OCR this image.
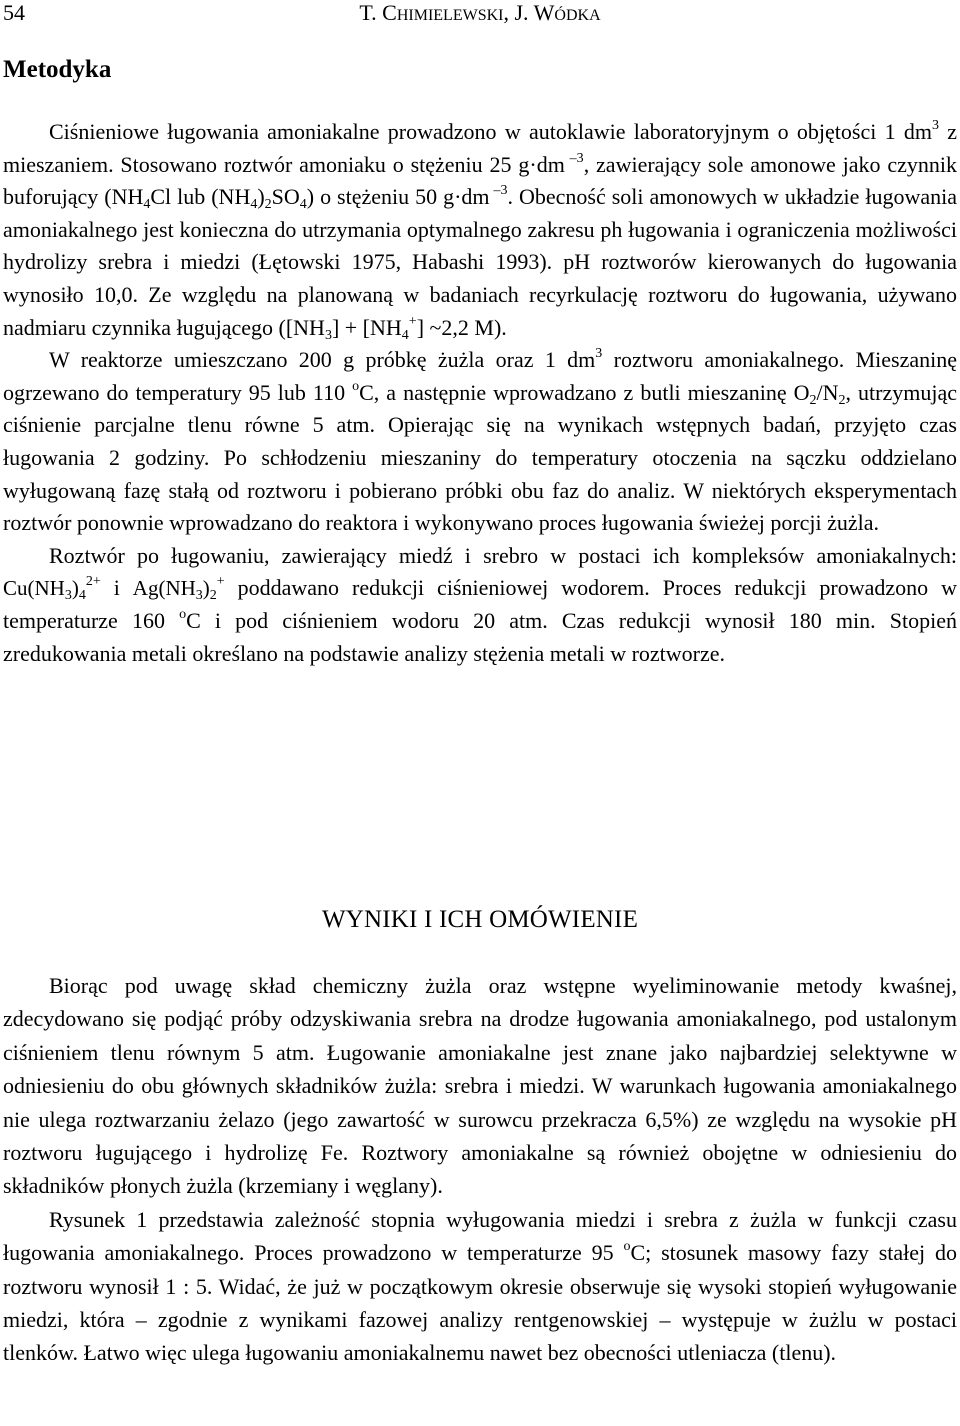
54	T. CHIMIELEWSKI, J. WÓDKA
Metodyka

Ciśnieniowe ługowania amoniakalne prowadzono w autoklawie laboratoryjnym o objętości 1 $dm^3$ z mieszaniem. Stosowano roztwór amoniaku o stężeniu 25 g·dm $^{-3}$, zawierający sole amonowe jako czynnik buforujący ($NH_4Cl$ lub $(NH_4)_2SO_4$) o stężeniu 50 g·dm $^{-3}$. Obecność soli amonowych w układzie ługowania amoniakalnego jest konieczna do utrzymania optymalnego zakresu ph ługowania i ograniczenia możliwości hydrolizy srebra i miedzi (Łętowski 1975, Habashi 1993). pH roztworów kierowanych do ługowania wynosiło 10,0. Ze względu na planowaną w badaniach recyrkulację roztworu do ługowania, używano nadmiaru czynnika ługującego ($[NH_3] + [NH_4^+]$ ~2,2 M).

W reaktorze umieszczano 200 g próbkę żużla oraz 1 $dm^3$ roztworu amoniakalnego. Mieszaninę ogrzewano do temperatury 95 lub 110 $^o$C, a następnie wprowadzano z butli mieszaninę $O_2/N_2$, utrzymując ciśnienie parcjalne tlenu równe 5 atm. Opierając się na wynikach wstępnych badań, przyjęto czas ługowania 2 godziny. Po schłodzeniu mieszaniny do temperatury otoczenia na sączku oddzielano wyługowaną fazę stałą od roztworu i pobierano próbki obu faz do analiz. W niektórych eksperymentach roztwór ponownie wprowadzano do reaktora i wykonywano proces ługowania świeżej porcji żużla.

Roztwór po ługowaniu, zawierający miedź i srebro w postaci ich kompleksów amoniakalnych: $Cu(NH_3)_4^{2+}$ i $Ag(NH_3)_2^+$ poddawano redukcji ciśnieniowej wodorem. Proces redukcji prowadzono w temperaturze 160 $^o$C i pod ciśnieniem wodoru 20 atm. Czas redukcji wynosił 180 min. Stopień zredukowania metali określano na podstawie analizy stężenia metali w roztworze.

WYNIKI I ICH OMÓWIENIE

Biorąc pod uwagę skład chemiczny żużla oraz wstępne wyeliminowanie metody kwaśnej, zdecydowano się podjąć próby odzyskiwania srebra na drodze ługowania amoniakalnego, pod ustalonym ciśnieniem tlenu równym 5 atm. Ługowanie amoniakalne jest znane jako najbardziej selektywne w odniesieniu do obu głównych składników żużla: srebra i miedzi. W warunkach ługowania amoniakalnego nie ulega roztwarzaniu żelazo (jego zawartość w surowcu przekracza 6,5%) ze względu na wysokie pH roztworu ługującego i hydrolizę Fe. Roztwory amoniakalne są również obojętne w odniesieniu do składników płonych żużla (krzemiany i węglany).

Rysunek 1 przedstawia zależność stopnia wyługowania miedzi i srebra z żużla w funkcji czasu ługowania amoniakalnego. Proces prowadzono w temperaturze 95 $^o$C; stosunek masowy fazy stałej do roztworu wynosił 1 : 5. Widać, że już w początkowym okresie obserwuje się wysoki stopień wyługowanie miedzi, która – zgodnie z wynikami fazowej analizy rentgenowskiej – występuje w żużlu w postaci tlenków. Łatwo więc ulega ługowaniu amoniakalnemu nawet bez obecności utleniacza (tlenu).
